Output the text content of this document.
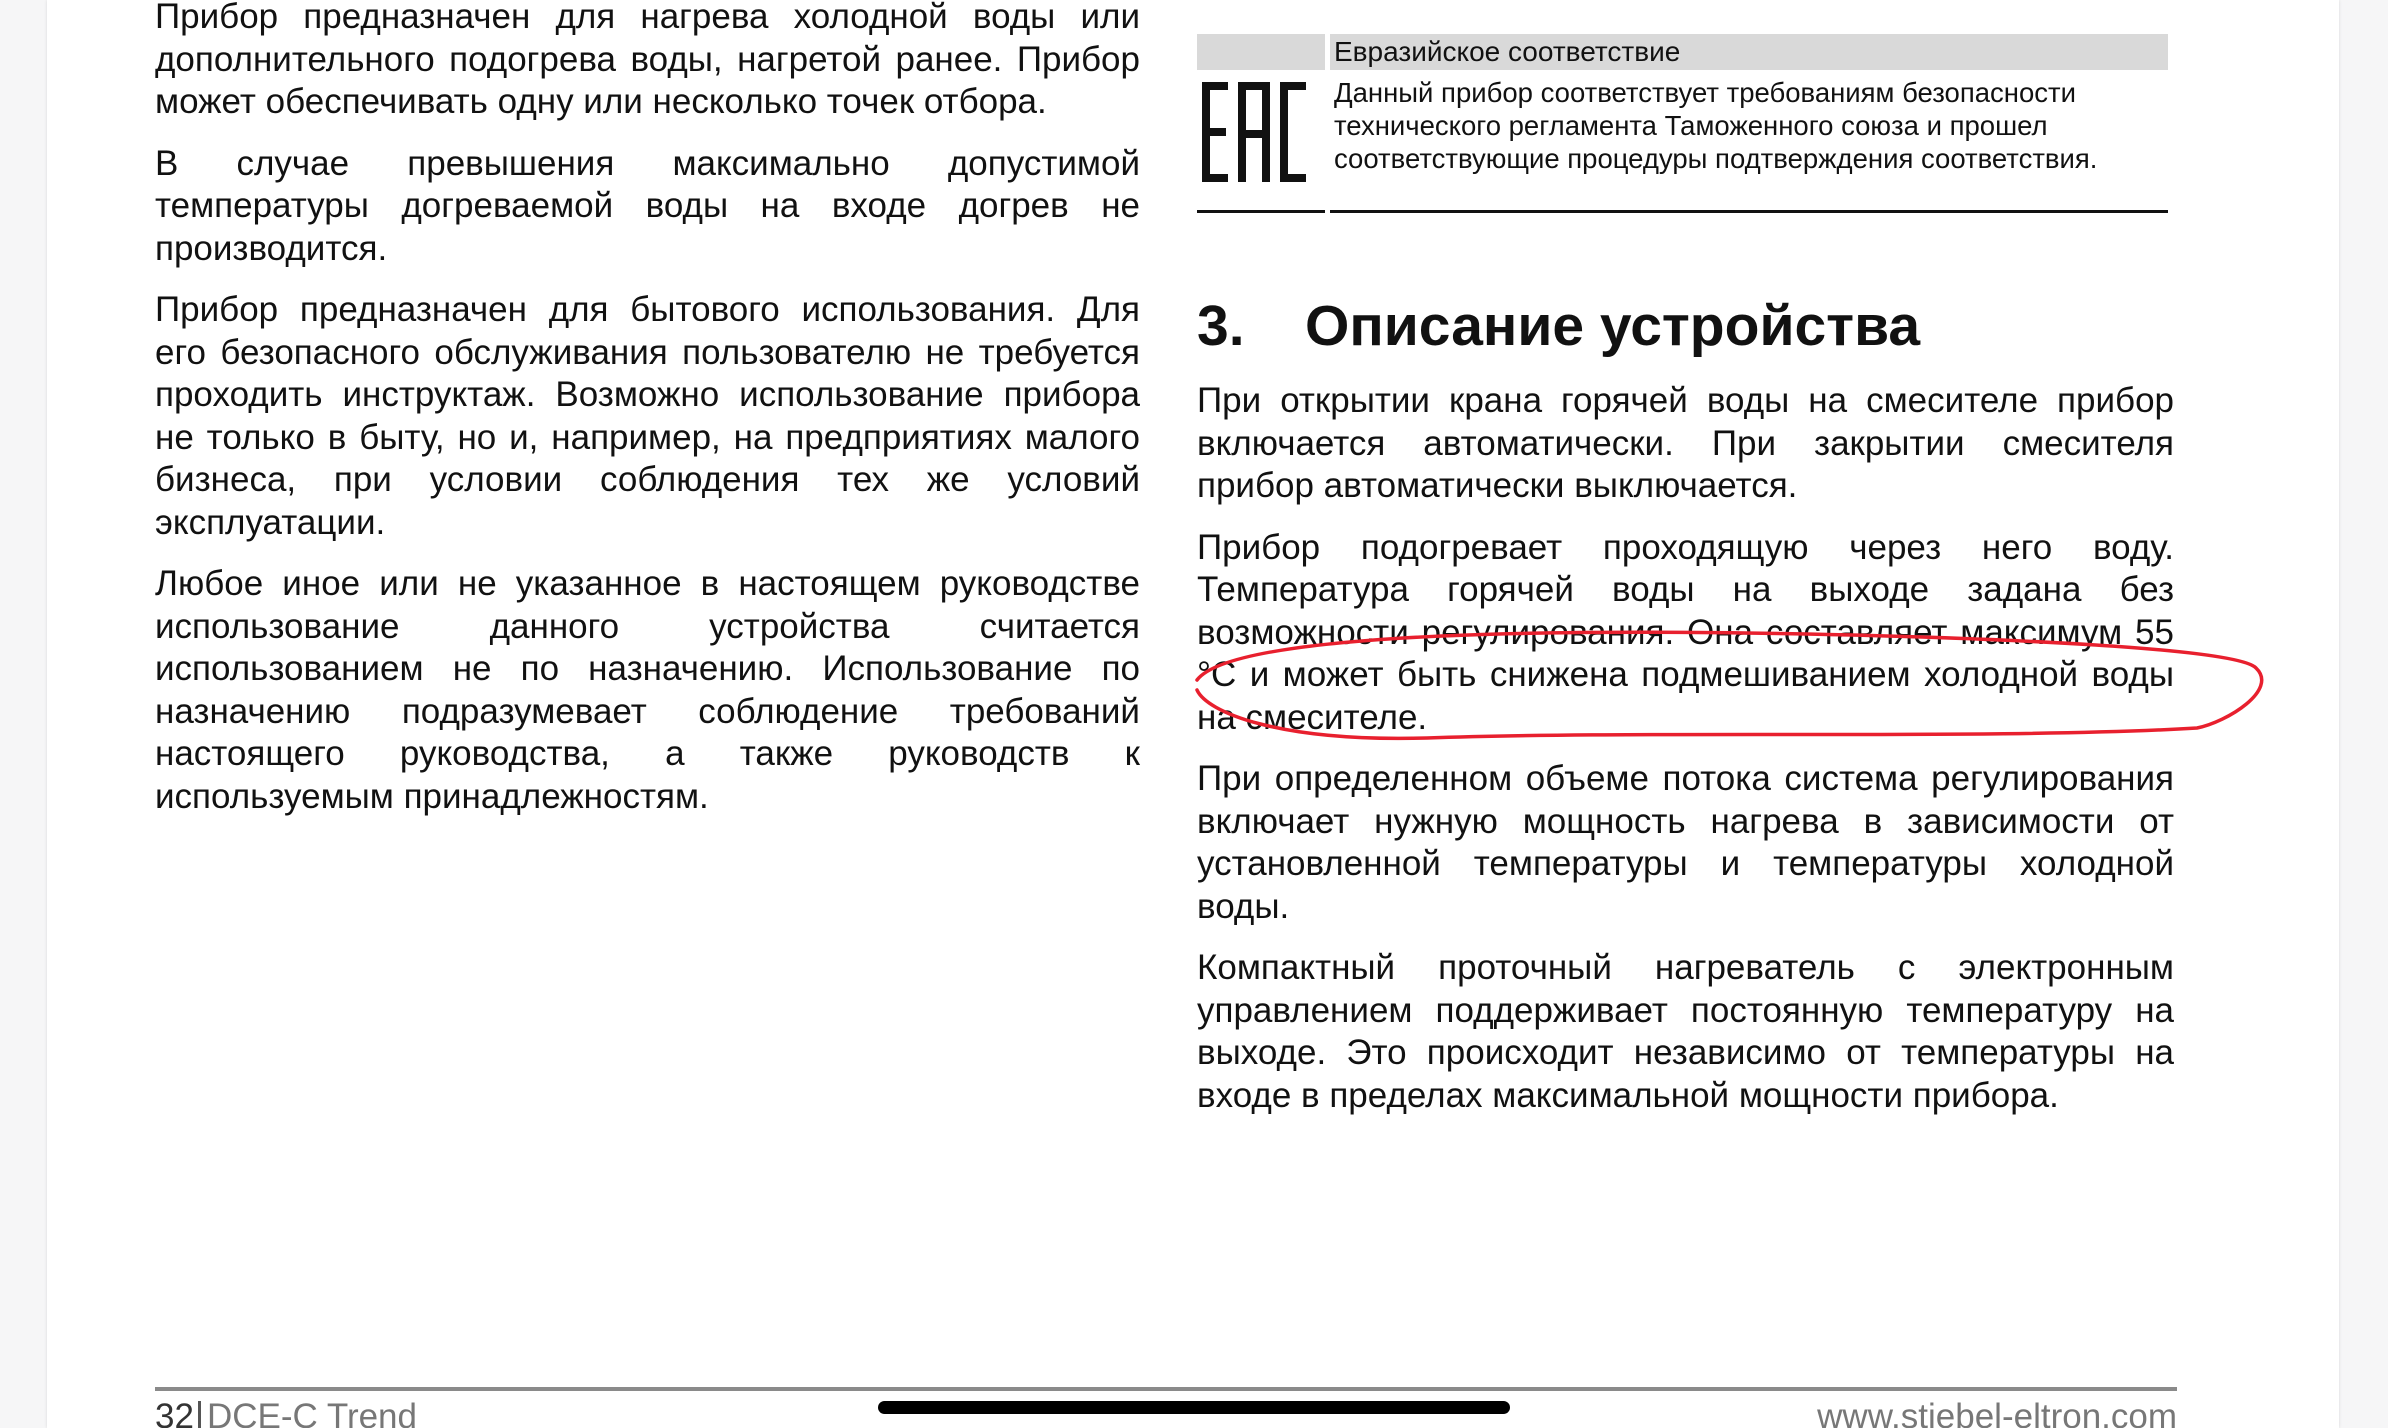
Прибор предназначен для нагрева холодной воды или дополнительного подогрева воды, нагретой ранее. Прибор может обеспечивать одну или несколько точек отбора.

В случае превышения максимально допустимой температуры догреваемой воды на входе догрев не производится.

Прибор предназначен для бытового использования. Для его безопасного обслуживания пользователю не требуется проходить инструктаж. Возможно использование прибора не только в быту, но и, например, на предприятиях малого бизнеса, при условии соблюдения тех же условий эксплуатации.

Любое иное или не указанное в настоящем руководстве использование данного устройства считается использованием не по назначению. Использование по назначению подразумевает соблюдение требований настоящего руководства, а также руководств к используемым принадлежностям.

Евразийское соответствие

Данный прибор соответствует требованиям безопасности технического регламента Таможенного союза и прошел соответствующие процедуры подтверждения соответствия.

3. Описание устройства

При открытии крана горячей воды на смесителе прибор включается автоматически. При закрытии смесителя прибор автоматически выключается.

Прибор подогревает проходящую через него воду. Температура горячей воды на выходе задана без возможности регулирования. Она составляет максимум 55 °C и может быть снижена подмешиванием холодной воды на смесителе.

При определенном объеме потока система регулирования включает нужную мощность нагрева в зависимости от установленной температуры и температуры холодной воды.

Компактный проточный нагреватель с электронным управлением поддерживает постоянную температуру на выходе. Это происходит независимо от температуры на входе в пределах максимальной мощности прибора.

32 DCE-C Trend	www.stiebel-eltron.com
